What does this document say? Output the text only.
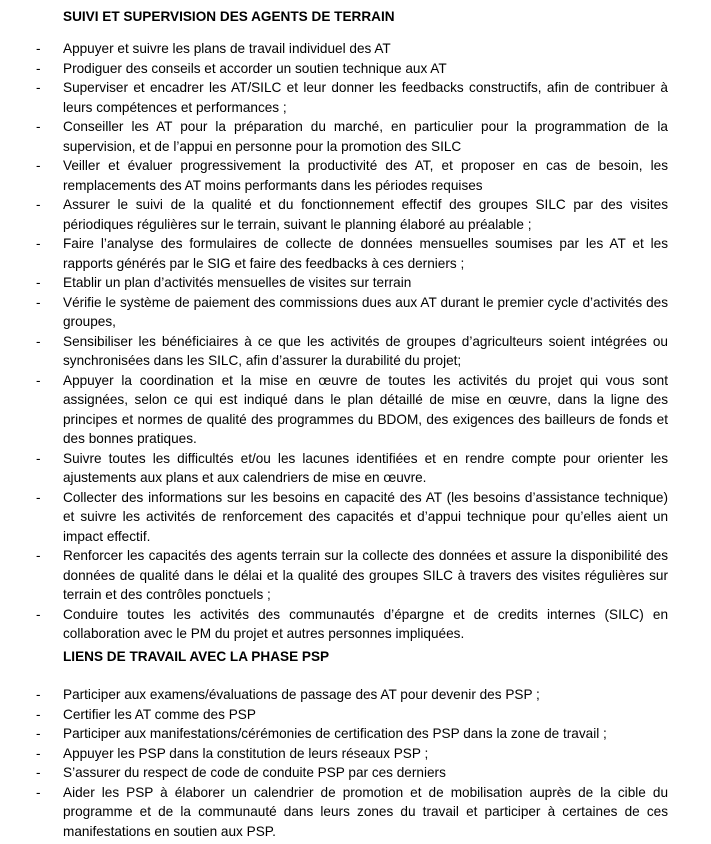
SUIVI ET SUPERVISION DES AGENTS DE TERRAIN
- Appuyer et suivre les plans de travail individuel des AT
- Prodiguer des conseils et accorder un soutien technique aux AT
- Superviser et encadrer les AT/SILC et leur donner les feedbacks constructifs, afin de contribuer à leurs compétences et performances ;
- Conseiller les AT pour la préparation du marché, en particulier pour la programmation de la supervision, et de l’appui en personne pour la promotion des SILC
- Veiller et évaluer progressivement la productivité des AT, et proposer en cas de besoin, les remplacements des AT moins performants dans les périodes requises
- Assurer le suivi de la qualité et du fonctionnement effectif des groupes SILC par des visites périodiques régulières sur le terrain, suivant le planning élaboré au préalable ;
- Faire l’analyse des formulaires de collecte de données mensuelles soumises par les AT et les rapports générés par le SIG et faire des feedbacks à ces derniers ;
- Etablir un plan d’activités mensuelles de visites sur terrain
- Vérifie le système de paiement des commissions dues aux AT durant le premier cycle d’activités des groupes,
- Sensibiliser les bénéficiaires à ce que les activités de groupes d’agriculteurs soient intégrées ou synchronisées dans les SILC, afin d’assurer la durabilité du projet;
- Appuyer la coordination et la mise en œuvre de toutes les activités du projet qui vous sont assignées, selon ce qui est indiqué dans le plan détaillé de mise en œuvre, dans la ligne des principes et normes de qualité des programmes du BDOM, des exigences des bailleurs de fonds et des bonnes pratiques.
- Suivre toutes les difficultés et/ou les lacunes identifiées et en rendre compte pour orienter les ajustements aux plans et aux calendriers de mise en œuvre.
- Collecter des informations sur les besoins en capacité des AT (les besoins d’assistance technique) et suivre les activités de renforcement des capacités et d’appui technique pour qu’elles aient un impact effectif.
- Renforcer les capacités des agents terrain sur la collecte des données et assure la disponibilité des données de qualité dans le délai et la qualité des groupes SILC à travers des visites régulières sur terrain et des contrôles ponctuels ;
- Conduire toutes les activités des communautés d’épargne et de credits internes (SILC) en collaboration avec le PM du projet et autres personnes impliquées.
LIENS DE TRAVAIL AVEC LA PHASE PSP
- Participer aux examens/évaluations de passage des AT pour devenir des PSP ;
- Certifier les AT comme des PSP
- Participer aux manifestations/cérémonies de certification des PSP dans la zone de travail ;
- Appuyer les PSP dans la constitution de leurs réseaux PSP ;
- S’assurer du respect de code de conduite PSP par ces derniers
- Aider les PSP à élaborer un calendrier de promotion et de mobilisation auprès de la cible du programme et de la communauté dans leurs zones du travail et participer à certaines de ces manifestations en soutien aux PSP.
